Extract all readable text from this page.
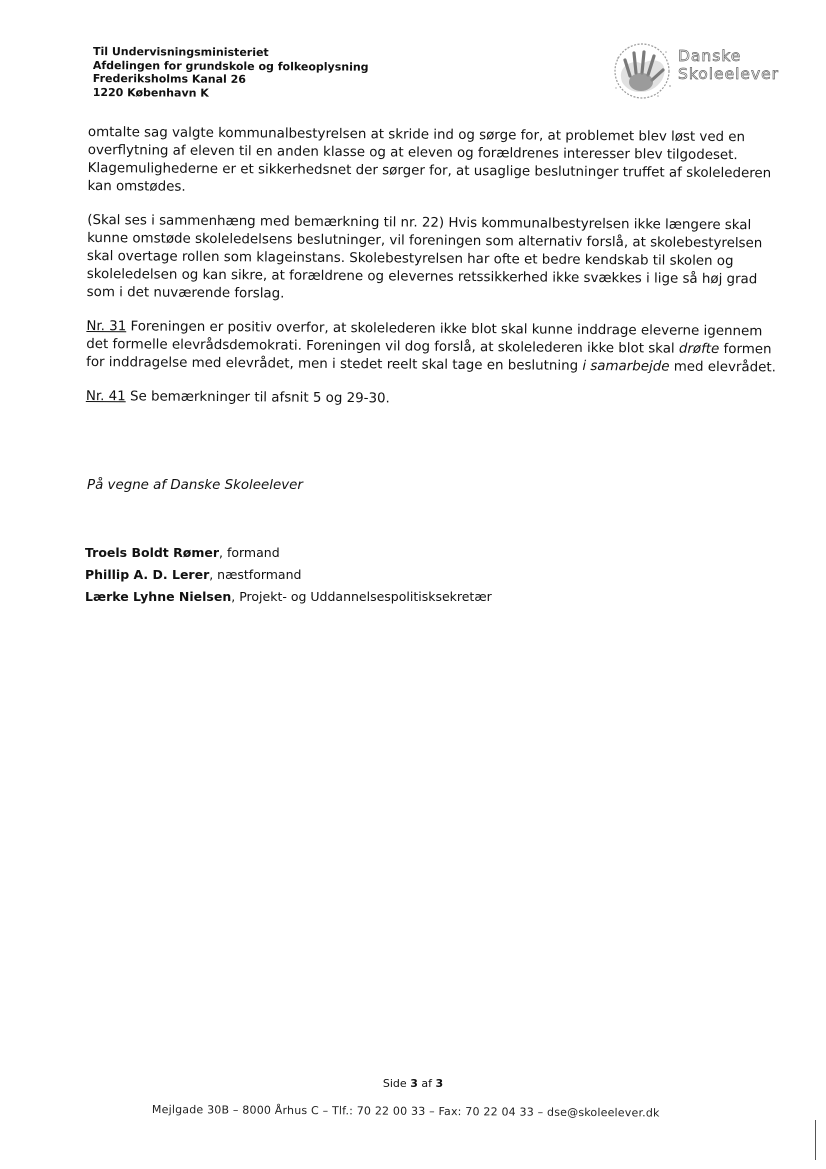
Til Undervisningsministeriet
Afdelingen for grundskole og folkeoplysning
Frederiksholms Kanal 26
1220 København K
Danske
Skoleelever

omtalte sag valgte kommunalbestyrelsen at skride ind og sørge for, at problemet blev løst ved en overflytning af eleven til en anden klasse og at eleven og forældrenes interesser blev tilgodeset. Klagemulighederne er et sikkerhedsnet der sørger for, at usaglige beslutninger truffet af skolelederen kan omstødes.

(Skal ses i sammenhæng med bemærkning til nr. 22) Hvis kommunalbestyrelsen ikke længere skal kunne omstøde skoleledelsens beslutninger, vil foreningen som alternativ forslå, at skolebestyrelsen skal overtage rollen som klageinstans. Skolebestyrelsen har ofte et bedre kendskab til skolen og skoleledelsen og kan sikre, at forældrene og elevernes retssikkerhed ikke svækkes i lige så høj grad som i det nuværende forslag.

Nr. 31 Foreningen er positiv overfor, at skolelederen ikke blot skal kunne inddrage eleverne igennem det formelle elevrådsdemokrati. Foreningen vil dog forslå, at skolelederen ikke blot skal drøfte formen for inddragelse med elevrådet, men i stedet reelt skal tage en beslutning i samarbejde med elevrådet.

Nr. 41 Se bemærkninger til afsnit 5 og 29-30.

På vegne af Danske Skoleelever
Troels Boldt Rømer, formand
Phillip A. D. Lerer, næstformand
Lærke Lyhne Nielsen, Projekt- og Uddannelsespolitisksekretær
Side 3 af 3
Mejlgade 30B – 8000 Århus C – Tlf.: 70 22 00 33 – Fax: 70 22 04 33 – dse@skoleelever.dk
